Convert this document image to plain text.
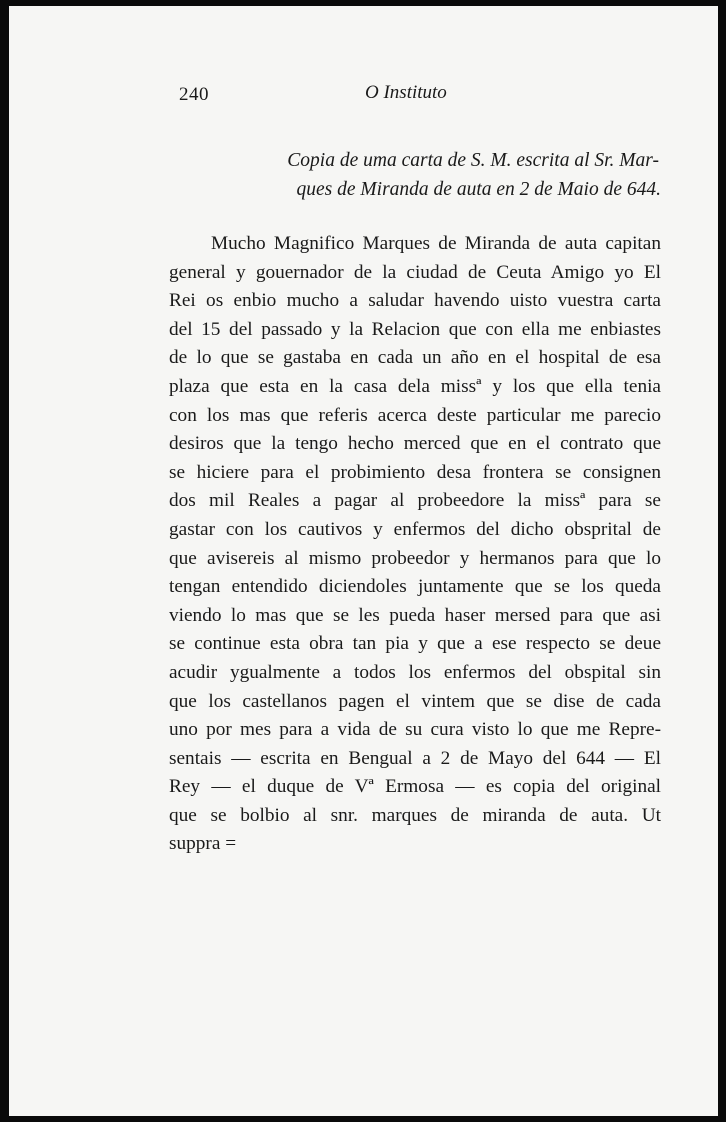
240	O Instituto
Copia de uma carta de S. M. escrita al Sr. Mar-
ques de Miranda de auta en 2 de Maio de 644.
Mucho Magnifico Marques de Miranda de auta capitan
general y gouernador de la ciudad de Ceuta Amigo yo El
Rei os enbio mucho a saludar havendo uisto vuestra carta
del 15 del passado y la Relacion que con ella me enbiastes
de lo que se gastaba en cada un año en el hospital de esa
plaza que esta en la casa dela missª y los que ella tenia
con los mas que referis acerca deste particular me parecio
desiros que la tengo hecho merced que en el contrato que
se hiciere para el probimiento desa frontera se consignen
dos mil Reales a pagar al probeedore la missª para se
gastar con los cautivos y enfermos del dicho obsprital de
que avisereis al mismo probeedor y hermanos para que lo
tengan entendido diciendoles juntamente que se los queda
viendo lo mas que se les pueda haser mersed para que asi
se continue esta obra tan pia y que a ese respecto se deue
acudir ygualmente a todos los enfermos del obspital sin
que los castellanos pagen el vintem que se dise de cada
uno por mes para a vida de su cura visto lo que me Repre-
sentais — escrita en Bengual a 2 de Mayo del 644 — El
Rey — el duque de Vª Ermosa — es copia del original
que se bolbio al snr. marques de miranda de auta. Ut
suppra =
